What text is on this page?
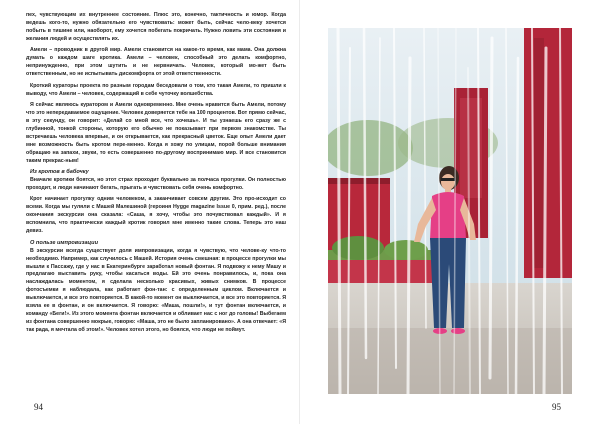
пех, чувствующим их внутреннее состояние. Плюс это, конечно, тактичность и юмор. Когда ведешь кого-то, нужно обязательно его чувствовать: может быть, сейчас чело-веку хочется побыть в тишине или, наоборот, ему хочется побегать покричать. Нужно ловить эти состояния и желания людей и осуществлять их.

Амели – проводник в другой мир. Амели становится на какое-то время, как мама. Она должна думать о каждом шаге кротика. Амели – человек, способный это делать комфортно, непринужденно, при этом шутить и не нервничать. Человек, который мо-жет быть ответственным, но не испытывать дискомфорта от этой ответственности.

Кроткий кураторы проекта по разным городам беседовали о том, кто такая Амели, то пришли к выводу, что Амели – человек, содержащий в себе чуточку волшебства.

Я сейчас являюсь куратором и Амели одновременно. Мне очень нравится быть Амели, потому что это непередаваемое ощущение. Человек доверяется тебе на 100 процентов. Вот прямо сейчас, в эту секунду, он говорит: «Делай со мной все, что хочешь». И ты узнаешь его сразу же с глубинной, тонкой стороны, которую его обычно не показывает при первом знакомстве. Ты встречаешь человека впервые, и он открывается, как прекрасный цветок. Еще опыт Амели дает мне возможность быть кротом пере-менно. Когда я хожу по улицам, порой больше внимания обращаю на запахи, звуки, то есть совершенно по-другому воспринимаю мир. И все становится таким прекрас-ным!

Из кротов в бабочку

Вначале кротики боятся, но этот страх проходит буквально за полчаса прогулки. Он полностью проходит, и люди начинают бегать, прыгать и чувствовать себя очень комфортно.

Крот начинает прогулку одним человеком, а заканчивает совсем другим. Это про-исходит со всеми. Когда мы гуляли с Машей Малешиной (героиня Hygge magazine Issue 0, прим. ред.), после окончания экскурсии она сказала: «Саша, я хочу, чтобы это почувствовал каждый». И я вспомнила, что практически каждый кротик говорил мне именно такие слова. Теперь это наш девиз.

О пользе импровизации

В экскурсии всегда существует доля импровизации, когда я чувствую, что челове-ку что-то необходимо. Например, как случилось с Машей. История очень смешная: в процессе прогулки мы вышли к Пассажу, где у нас в Екатеринбурге заработал новый фонтан. Я подвожу к нему Машу и предлагаю выставить руку, чтобы касаться воды. Ей это очень понравилось, и, пока она наслаждалась моментом, я сделала несколько красивых, живых снимков. В процессе фотосъемки я наблюдала, как работает фон-тан: с определенным циклом. Включается и выключается, и все это повторяется. В какой-то момент он выключается, и все это повторяется. Я взяла ее в фонтан, и он включается. Я говорю: «Маша, пошли!», и тут фонтан включается, и команду «Беги!». Из этого момента фонтан включается и обливает нас с ног до головы! Выбегаем из фонтана совершенно мокрые, говорю: «Маша, это не было запланировано». А она отвечает: «Я так рада, я мечтала об этом!». Человек хотел этого, но боялся, что люди не поймут.

94	95
